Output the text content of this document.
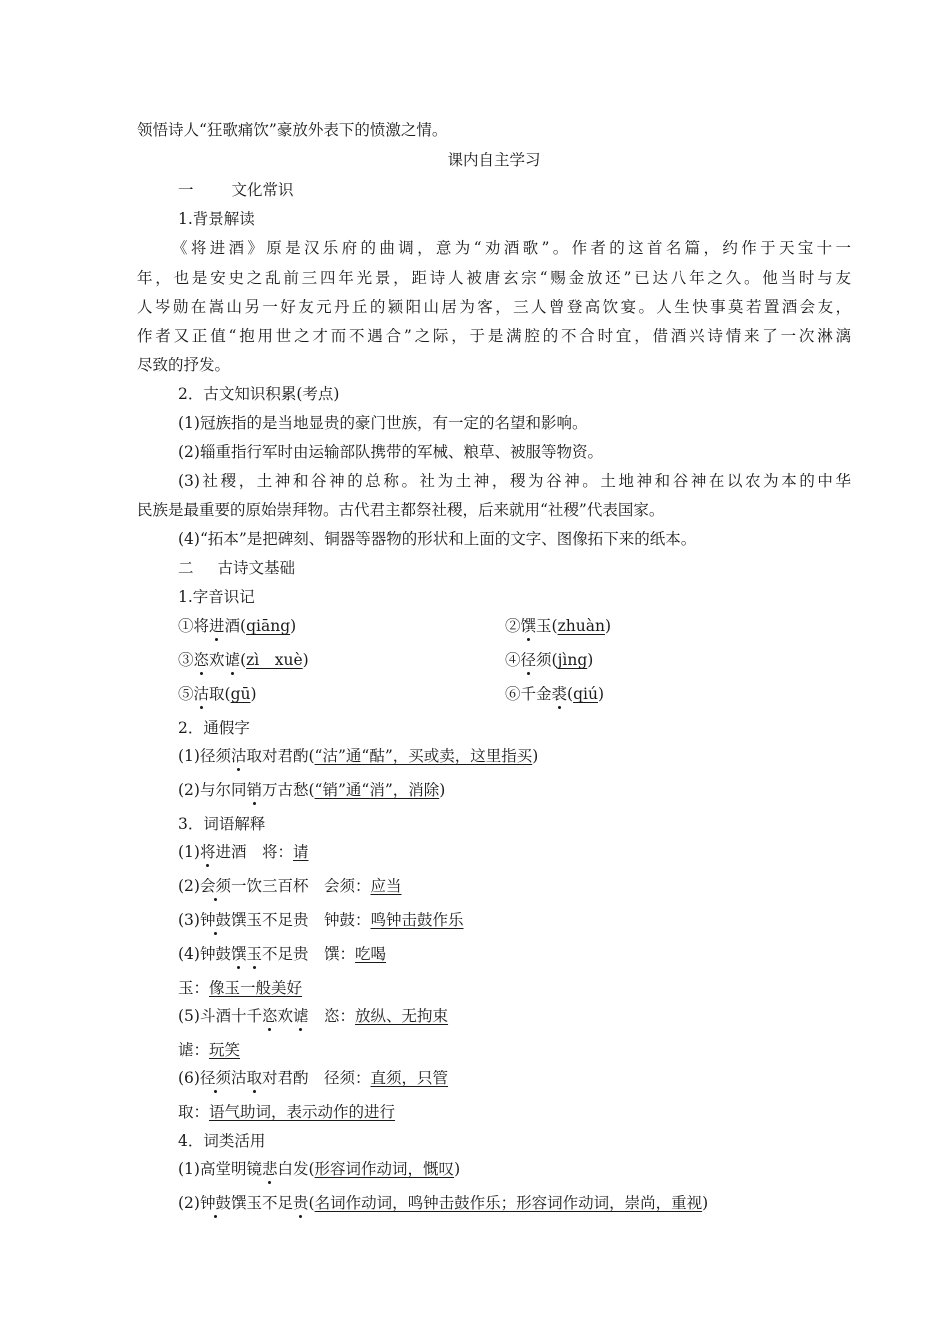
领悟诗人“狂歌痛饮”豪放外表下的愤激之情。
课内自主学习
一 文化常识
1.背景解读
《将进酒》原是汉乐府的曲调，意为“劝酒歌”。作者的这首名篇，约作于天宝十一
年，也是安史之乱前三四年光景，距诗人被唐玄宗“赐金放还”已达八年之久。他当时与友
人岑勋在嵩山另一好友元丹丘的颍阳山居为客，三人曾登高饮宴。人生快事莫若置酒会友，
作者又正值“抱用世之才而不遇合”之际，于是满腔的不合时宜，借酒兴诗情来了一次淋漓
尽致的抒发。
2．古文知识积累(考点)
(1)冠族指的是当地显贵的豪门世族，有一定的名望和影响。
(2)辎重指行军时由运输部队携带的军械、粮草、被服等物资。
(3)社稷，土神和谷神的总称。社为土神，稷为谷神。土地神和谷神在以农为本的中华
民族是最重要的原始崇拜物。古代君主都祭社稷，后来就用“社稷”代表国家。
(4)“拓本”是把碑刻、铜器等器物的形状和上面的文字、图像拓下来的纸本。
二 古诗文基础
1.字音识记
①将进酒(qiāng)	②馔玉(zhuàn)
③恣欢谑(zì　xuè)	④径须(jìng)
⑤沽取(gū)	⑥千金裘(qiú)
2．通假字
(1)径须沽取对君酌(“沽”通“酤”，买或卖，这里指买)
(2)与尔同销万古愁(“销”通“消”，消除)
3．词语解释
(1)将进酒　将：请
(2)会须一饮三百杯　会须：应当
(3)钟鼓馔玉不足贵　钟鼓：鸣钟击鼓作乐
(4)钟鼓馔玉不足贵　馔：吃喝
玉：像玉一般美好
(5)斗酒十千恣欢谑　恣：放纵、无拘束
谑：玩笑
(6)径须沽取对君酌　径须：直须，只管
取：语气助词，表示动作的进行
4．词类活用
(1)高堂明镜悲白发(形容词作动词，慨叹)
(2)钟鼓馔玉不足贵(名词作动词，鸣钟击鼓作乐；形容词作动词，崇尚，重视)
